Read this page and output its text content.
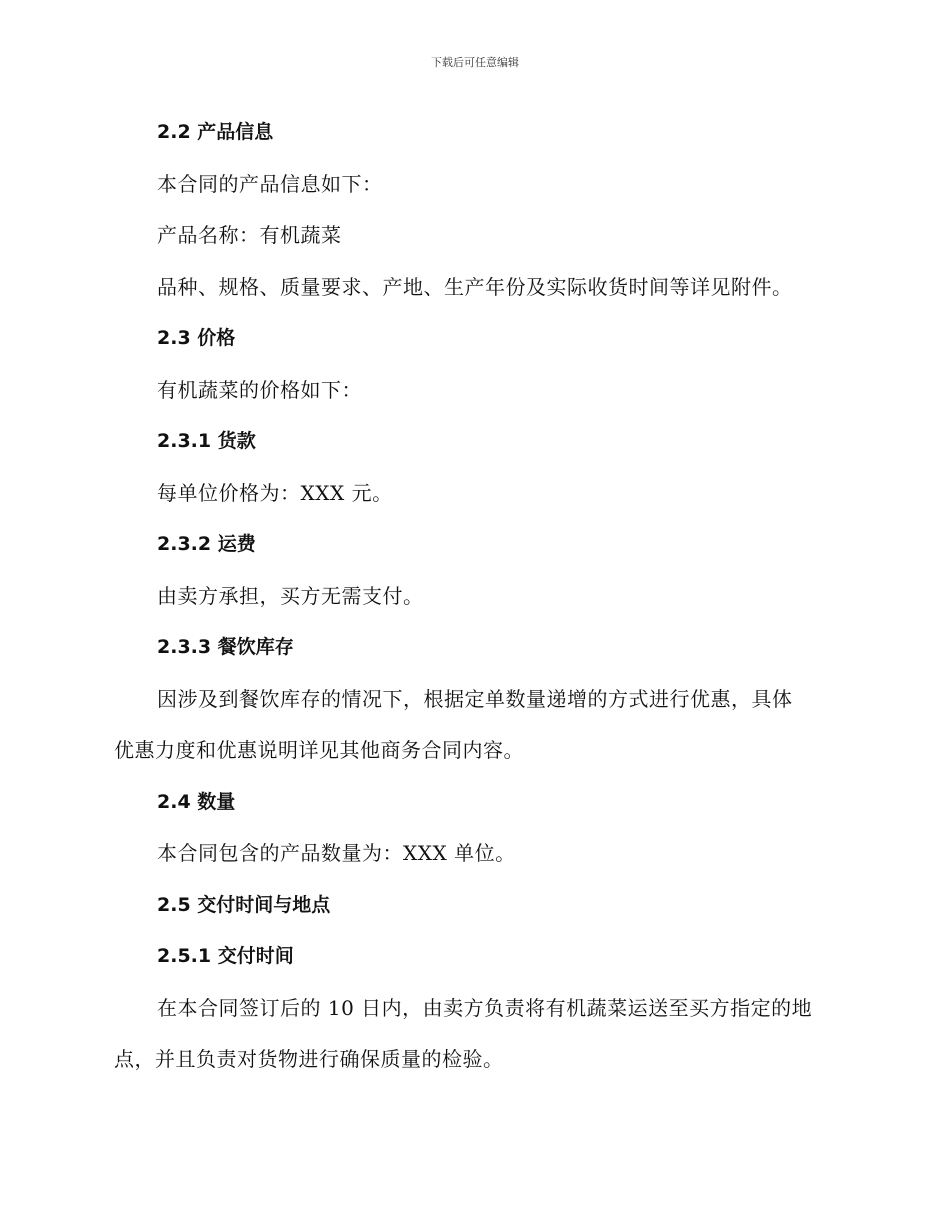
下载后可任意编辑
2.2 产品信息
本合同的产品信息如下：
产品名称：有机蔬菜
品种、规格、质量要求、产地、生产年份及实际收货时间等详见附件。
2.3 价格
有机蔬菜的价格如下：
2.3.1 货款
每单位价格为：XXX 元。
2.3.2 运费
由卖方承担，买方无需支付。
2.3.3 餐饮库存
因涉及到餐饮库存的情况下，根据定单数量递增的方式进行优惠，具体
优惠力度和优惠说明详见其他商务合同内容。
2.4 数量
本合同包含的产品数量为：XXX 单位。
2.5 交付时间与地点
2.5.1 交付时间
在本合同签订后的 10 日内，由卖方负责将有机蔬菜运送至买方指定的地
点，并且负责对货物进行确保质量的检验。
